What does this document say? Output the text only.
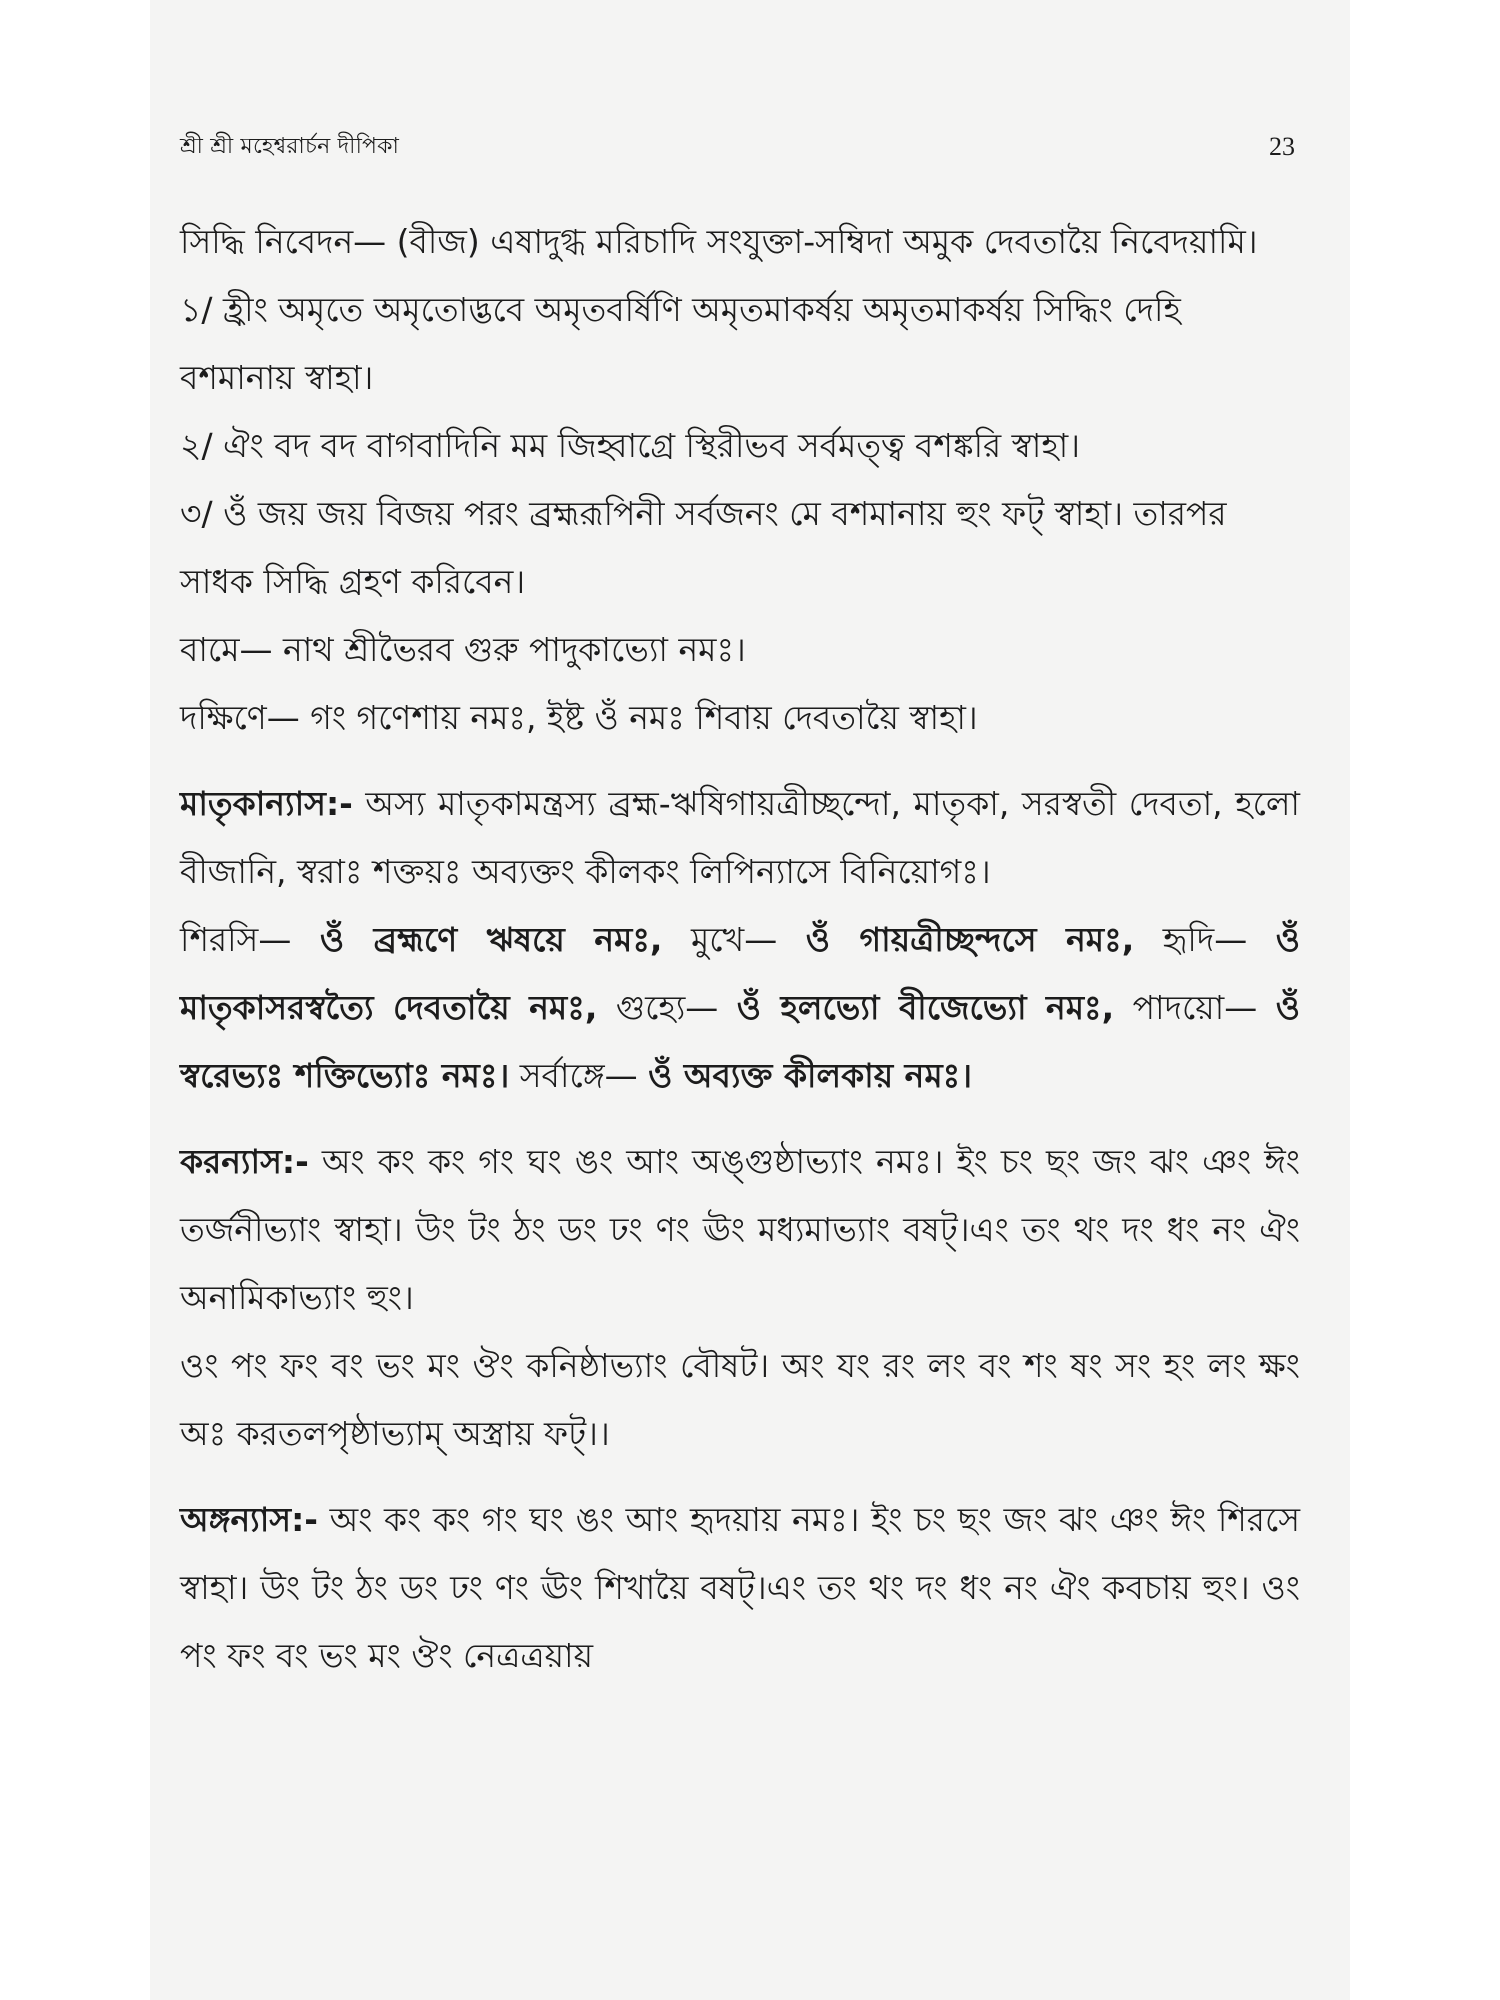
শ্রী শ্রী মহেশ্বরার্চন দীপিকা	23

সিদ্ধি নিবেদন— (বীজ) এষাদুগ্ধ মরিচাদি সংযুক্তা-সম্বিদা অমুক দেবতায়ৈ নিবেদয়ামি।

১/ হ্রীং অমৃতে অমৃতোদ্ভবে অমৃতবর্ষিণি অমৃতমাকর্ষয় অমৃতমাকর্ষয় সিদ্ধিং দেহি বশমানায় স্বাহা।

২/ ঐং বদ বদ বাগবাদিনি মম জিহ্বাগ্রে স্থিরীভব সর্বমত্ত্ব বশঙ্করি স্বাহা।

৩/ ওঁ জয় জয় বিজয় পরং ব্রহ্মরূপিনী সর্বজনং মে বশমানায় হুং ফট্ স্বাহা। তারপর সাধক সিদ্ধি গ্রহণ করিবেন।

বামে— নাথ শ্রীভৈরব গুরু পাদুকাভ্যো নমঃ।

দক্ষিণে— গং গণেশায় নমঃ, ইষ্ট ওঁ নমঃ শিবায় দেবতায়ৈ স্বাহা।

মাতৃকান্যাস:- অস্য মাতৃকামন্ত্রস্য ব্রহ্ম-ঋষিগায়ত্রীচ্ছন্দো, মাতৃকা, সরস্বতী দেবতা, হলো বীজানি, স্বরাঃ শক্তয়ঃ অব্যক্তং কীলকং লিপিন্যাসে বিনিয়োগঃ।

শিরসি— ওঁ ব্রহ্মণে ঋষয়ে নমঃ, মুখে— ওঁ গায়ত্রীচ্ছন্দসে নমঃ, হৃদি— ওঁ মাতৃকাসরস্বত্যৈ দেবতায়ৈ নমঃ, গুহ্যে— ওঁ হলভ্যো বীজেভ্যো নমঃ, পাদয়ো— ওঁ স্বরেভ্যঃ শক্তিভ্যোঃ নমঃ। সর্বাঙ্গে— ওঁ অব্যক্ত কীলকায় নমঃ।

করন্যাস:- অং কং কং গং ঘং ঙং আং অঙ্গুষ্ঠাভ্যাং নমঃ। ইং চং ছং জং ঝং ঞং ঈং তর্জনীভ্যাং স্বাহা। উং টং ঠং ডং ঢং ণং ঊং মধ্যমাভ্যাং বষট্।এং তং থং দং ধং নং ঐং অনামিকাভ্যাং হুং।

ওং পং ফং বং ভং মং ঔং কনিষ্ঠাভ্যাং বৌষট। অং যং রং লং বং শং ষং সং হং লং ক্ষং অঃ করতলপৃষ্ঠাভ্যাম্ অস্ত্রায় ফট্।।

অঙ্গন্যাস:- অং কং কং গং ঘং ঙং আং হৃদয়ায় নমঃ। ইং চং ছং জং ঝং ঞং ঈং শিরসে স্বাহা। উং টং ঠং ডং ঢং ণং ঊং শিখায়ৈ বষট্।এং তং থং দং ধং নং ঐং কবচায় হুং। ওং পং ফং বং ভং মং ঔং নেত্রত্রয়ায়
